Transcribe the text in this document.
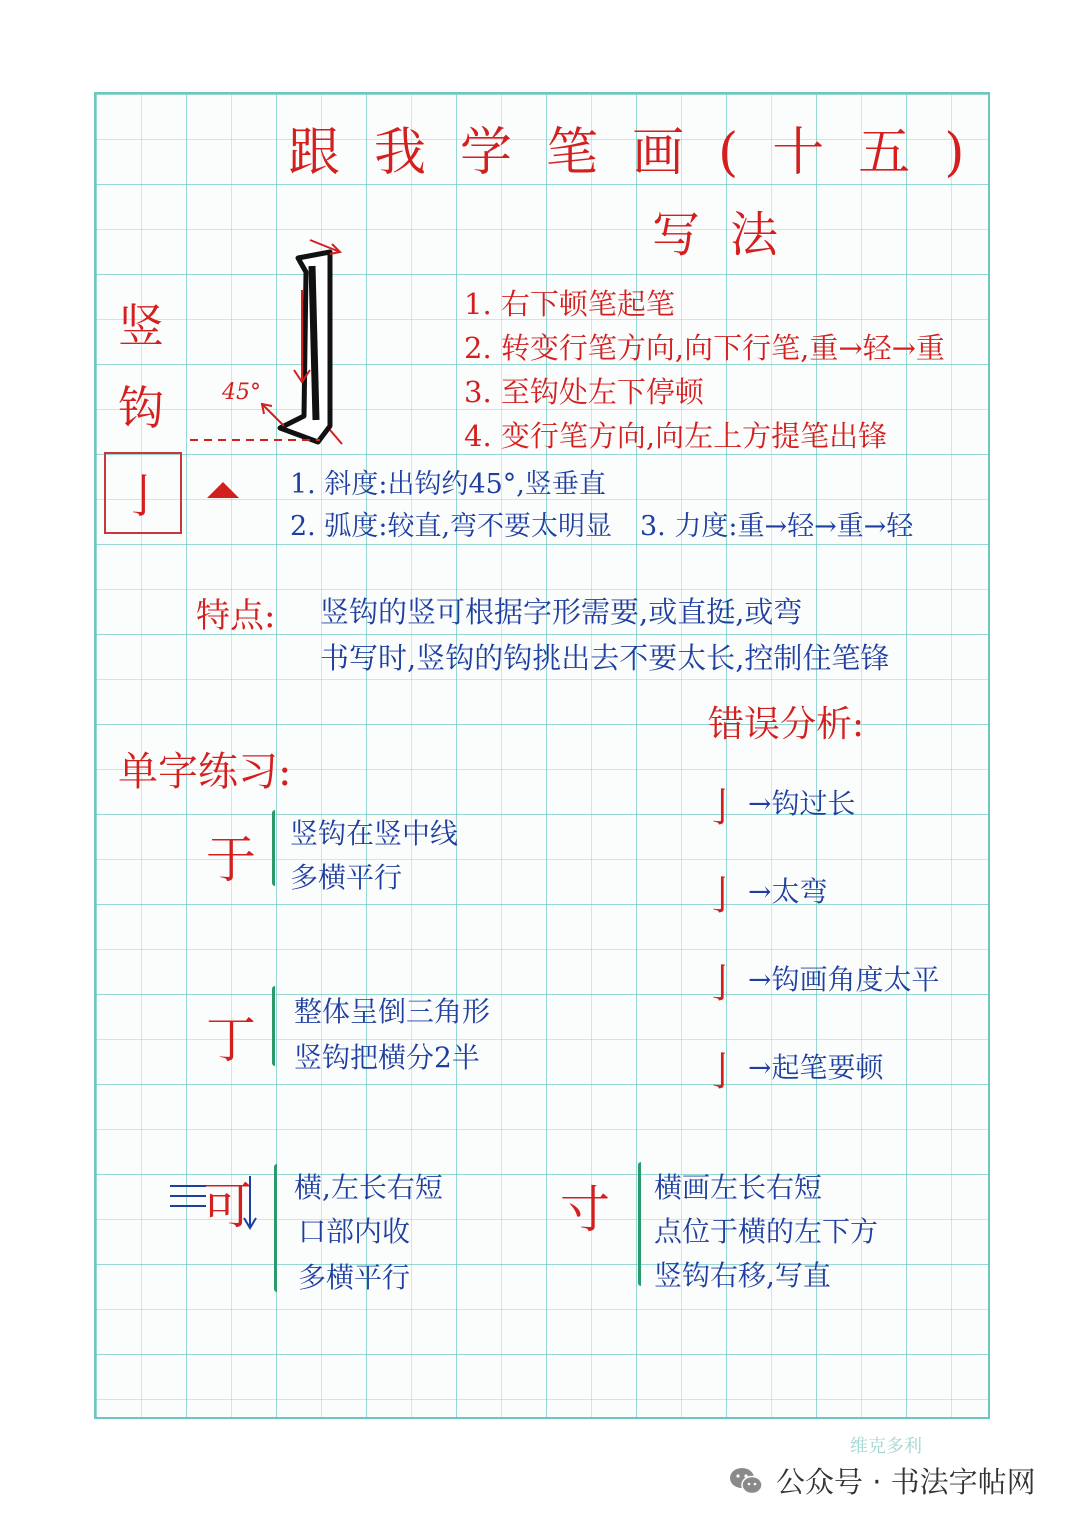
跟我学笔画(十五)
写法
竖钩	45°
1. 右下顿笔起笔
2. 转变行笔方向,向下行笔,重→轻→重
3. 至钩处左下停顿
4. 变行笔方向,向左上方提笔出锋
亅	1. 斜度:出钩约45°,竖垂直
2. 弧度:较直,弯不要太明显 3. 力度:重→轻→重→轻
特点: 竖钩的竖可根据字形需要,或直挺,或弯
书写时,竖钩的钩挑出去不要太长,控制住笔锋
错误分析:
亅 →钩过长
亅 →太弯
亅 →钩画角度太平
亅 →起笔要顿
单字练习:
于 竖钩在竖中线
多横平行
丁 整体呈倒三角形
竖钩把横分2半
可 横,左长右短
口部内收
多横平行
寸 横画左长右短
点位于横的左下方
竖钩右移,写直
维克多利
公众号 · 书法字帖网
